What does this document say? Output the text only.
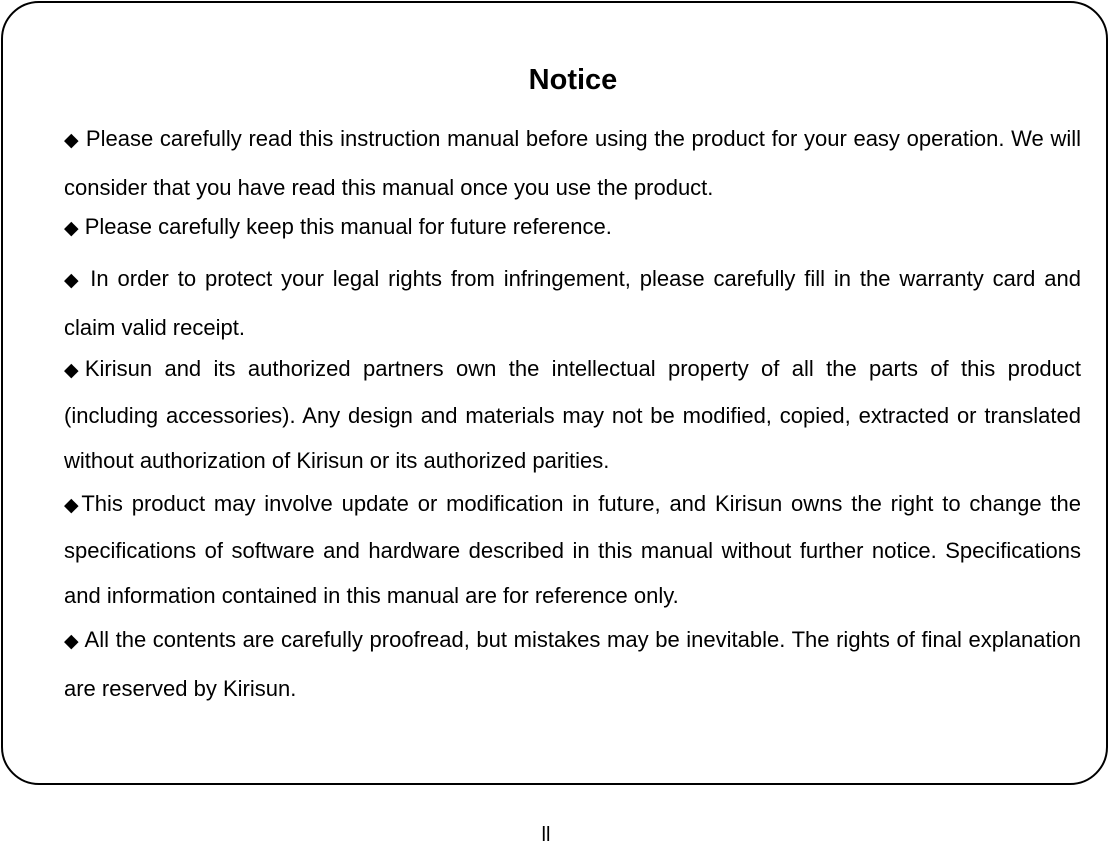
Notice

◆ Please carefully read this instruction manual before using the product for your easy operation. We will consider that you have read this manual once you use the product.

◆ Please carefully keep this manual for future reference.

◆ In order to protect your legal rights from infringement, please carefully fill in the warranty card and claim valid receipt.

◆Kirisun and its authorized partners own the intellectual property of all the parts of this product (including accessories). Any design and materials may not be modified, copied, extracted or translated without authorization of Kirisun or its authorized parities.

◆This product may involve update or modification in future, and Kirisun owns the right to change the specifications of software and hardware described in this manual without further notice. Specifications and information contained in this manual are for reference only.

◆ All the contents are carefully proofread, but mistakes may be inevitable. The rights of final explanation are reserved by Kirisun.

ll
